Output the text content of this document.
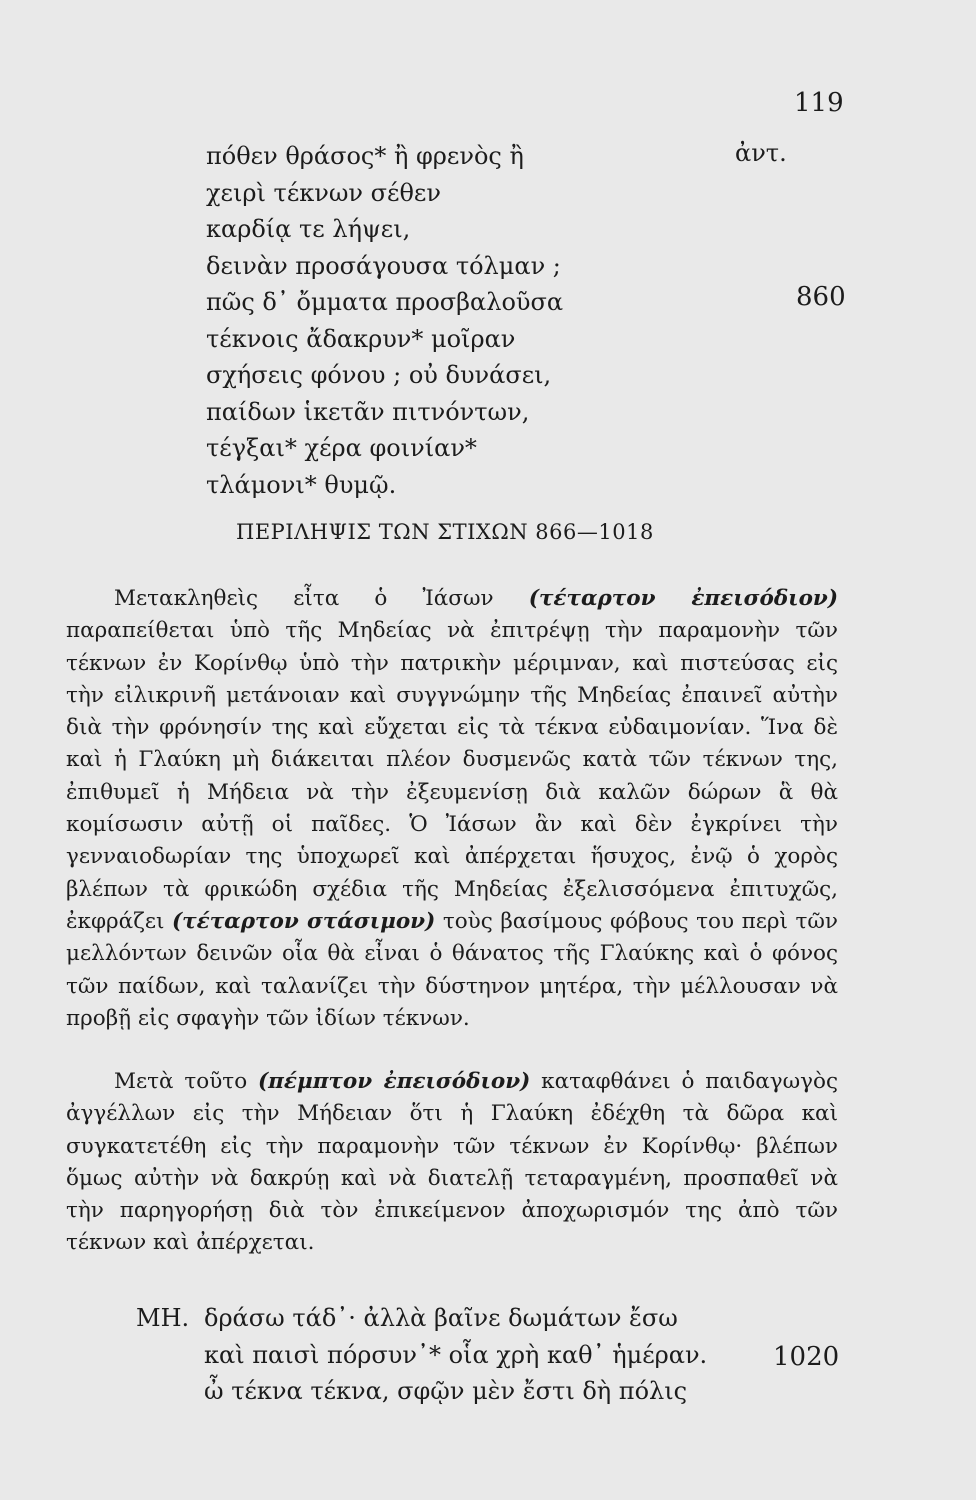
119
πόθεν θράσος* ἢ φρενὸς ἢ
χειρὶ τέκνων σέθεν
καρδίᾳ τε λήψει,
δεινὰν προσάγουσα τόλμαν ;
πῶς δ᾽ ὄμματα προσβαλοῦσα
τέκνοις ἄδακρυν* μοῖραν
σχήσεις φόνου ; οὐ δυνάσει,
παίδων ἱκετᾶν πιτνόντων,
τέγξαι* χέρα φοινίαν*
τλάμονι* θυμῷ.
ἀντ.
860
ΠΕΡΙΛΗΨΙΣ ΤΩΝ ΣΤΙΧΩΝ 866—1018

Μετακληθεὶς εἶτα ὁ Ἰάσων (τέταρτον ἐπεισόδιον) παραπείθεται ὑπὸ τῆς Μηδείας νὰ ἐπιτρέψῃ τὴν παραμονὴν τῶν τέκνων ἐν Κορίνθῳ ὑπὸ τὴν πατρικὴν μέριμναν, καὶ πιστεύσας εἰς τὴν εἰλικρινῆ μετάνοιαν καὶ συγγνώμην τῆς Μηδείας ἐπαινεῖ αὐτὴν διὰ τὴν φρόνησίν της καὶ εὔχεται εἰς τὰ τέκνα εὐδαιμονίαν. Ἵνα δὲ καὶ ἡ Γλαύκη μὴ διάκειται πλέον δυσμενῶς κατὰ τῶν τέκνων της, ἐπιθυμεῖ ἡ Μήδεια νὰ τὴν ἐξευμενίσῃ διὰ καλῶν δώρων ἃ θὰ κομίσωσιν αὐτῇ οἱ παῖδες. Ὁ Ἰάσων ἂν καὶ δὲν ἐγκρίνει τὴν γενναιοδωρίαν της ὑποχωρεῖ καὶ ἀπέρχεται ἥσυχος, ἐνῷ ὁ χορὸς βλέπων τὰ φρικώδη σχέδια τῆς Μηδείας ἐξελισσόμενα ἐπιτυχῶς, ἐκφράζει (τέταρτον στάσιμον) τοὺς βασίμους φόβους του περὶ τῶν μελλόντων δεινῶν οἷα θὰ εἶναι ὁ θάνατος τῆς Γλαύκης καὶ ὁ φόνος τῶν παίδων, καὶ ταλανίζει τὴν δύστηνον μητέρα, τὴν μέλλουσαν νὰ προβῇ εἰς σφαγὴν τῶν ἰδίων τέκνων.

Μετὰ τοῦτο (πέμπτον ἐπεισόδιον) καταφθάνει ὁ παιδαγωγὸς ἀγγέλλων εἰς τὴν Μήδειαν ὅτι ἡ Γλαύκη ἐδέχθη τὰ δῶρα καὶ συγκατετέθη εἰς τὴν παραμονὴν τῶν τέκνων ἐν Κορίνθῳ· βλέπων ὅμως αὐτὴν νὰ δακρύῃ καὶ νὰ διατελῇ τεταραγμένη, προσπαθεῖ νὰ τὴν παρηγορήσῃ διὰ τὸν ἐπικείμενον ἀποχωρισμόν της ἀπὸ τῶν τέκνων καὶ ἀπέρχεται.

ΜΗ. δράσω τάδ᾽· ἀλλὰ βαῖνε δωμάτων ἔσω
καὶ παισὶ πόρσυν᾽* οἷα χρὴ καθ᾽ ἡμέραν.
ὦ τέκνα τέκνα, σφῷν μὲν ἔστι δὴ πόλις
1020
